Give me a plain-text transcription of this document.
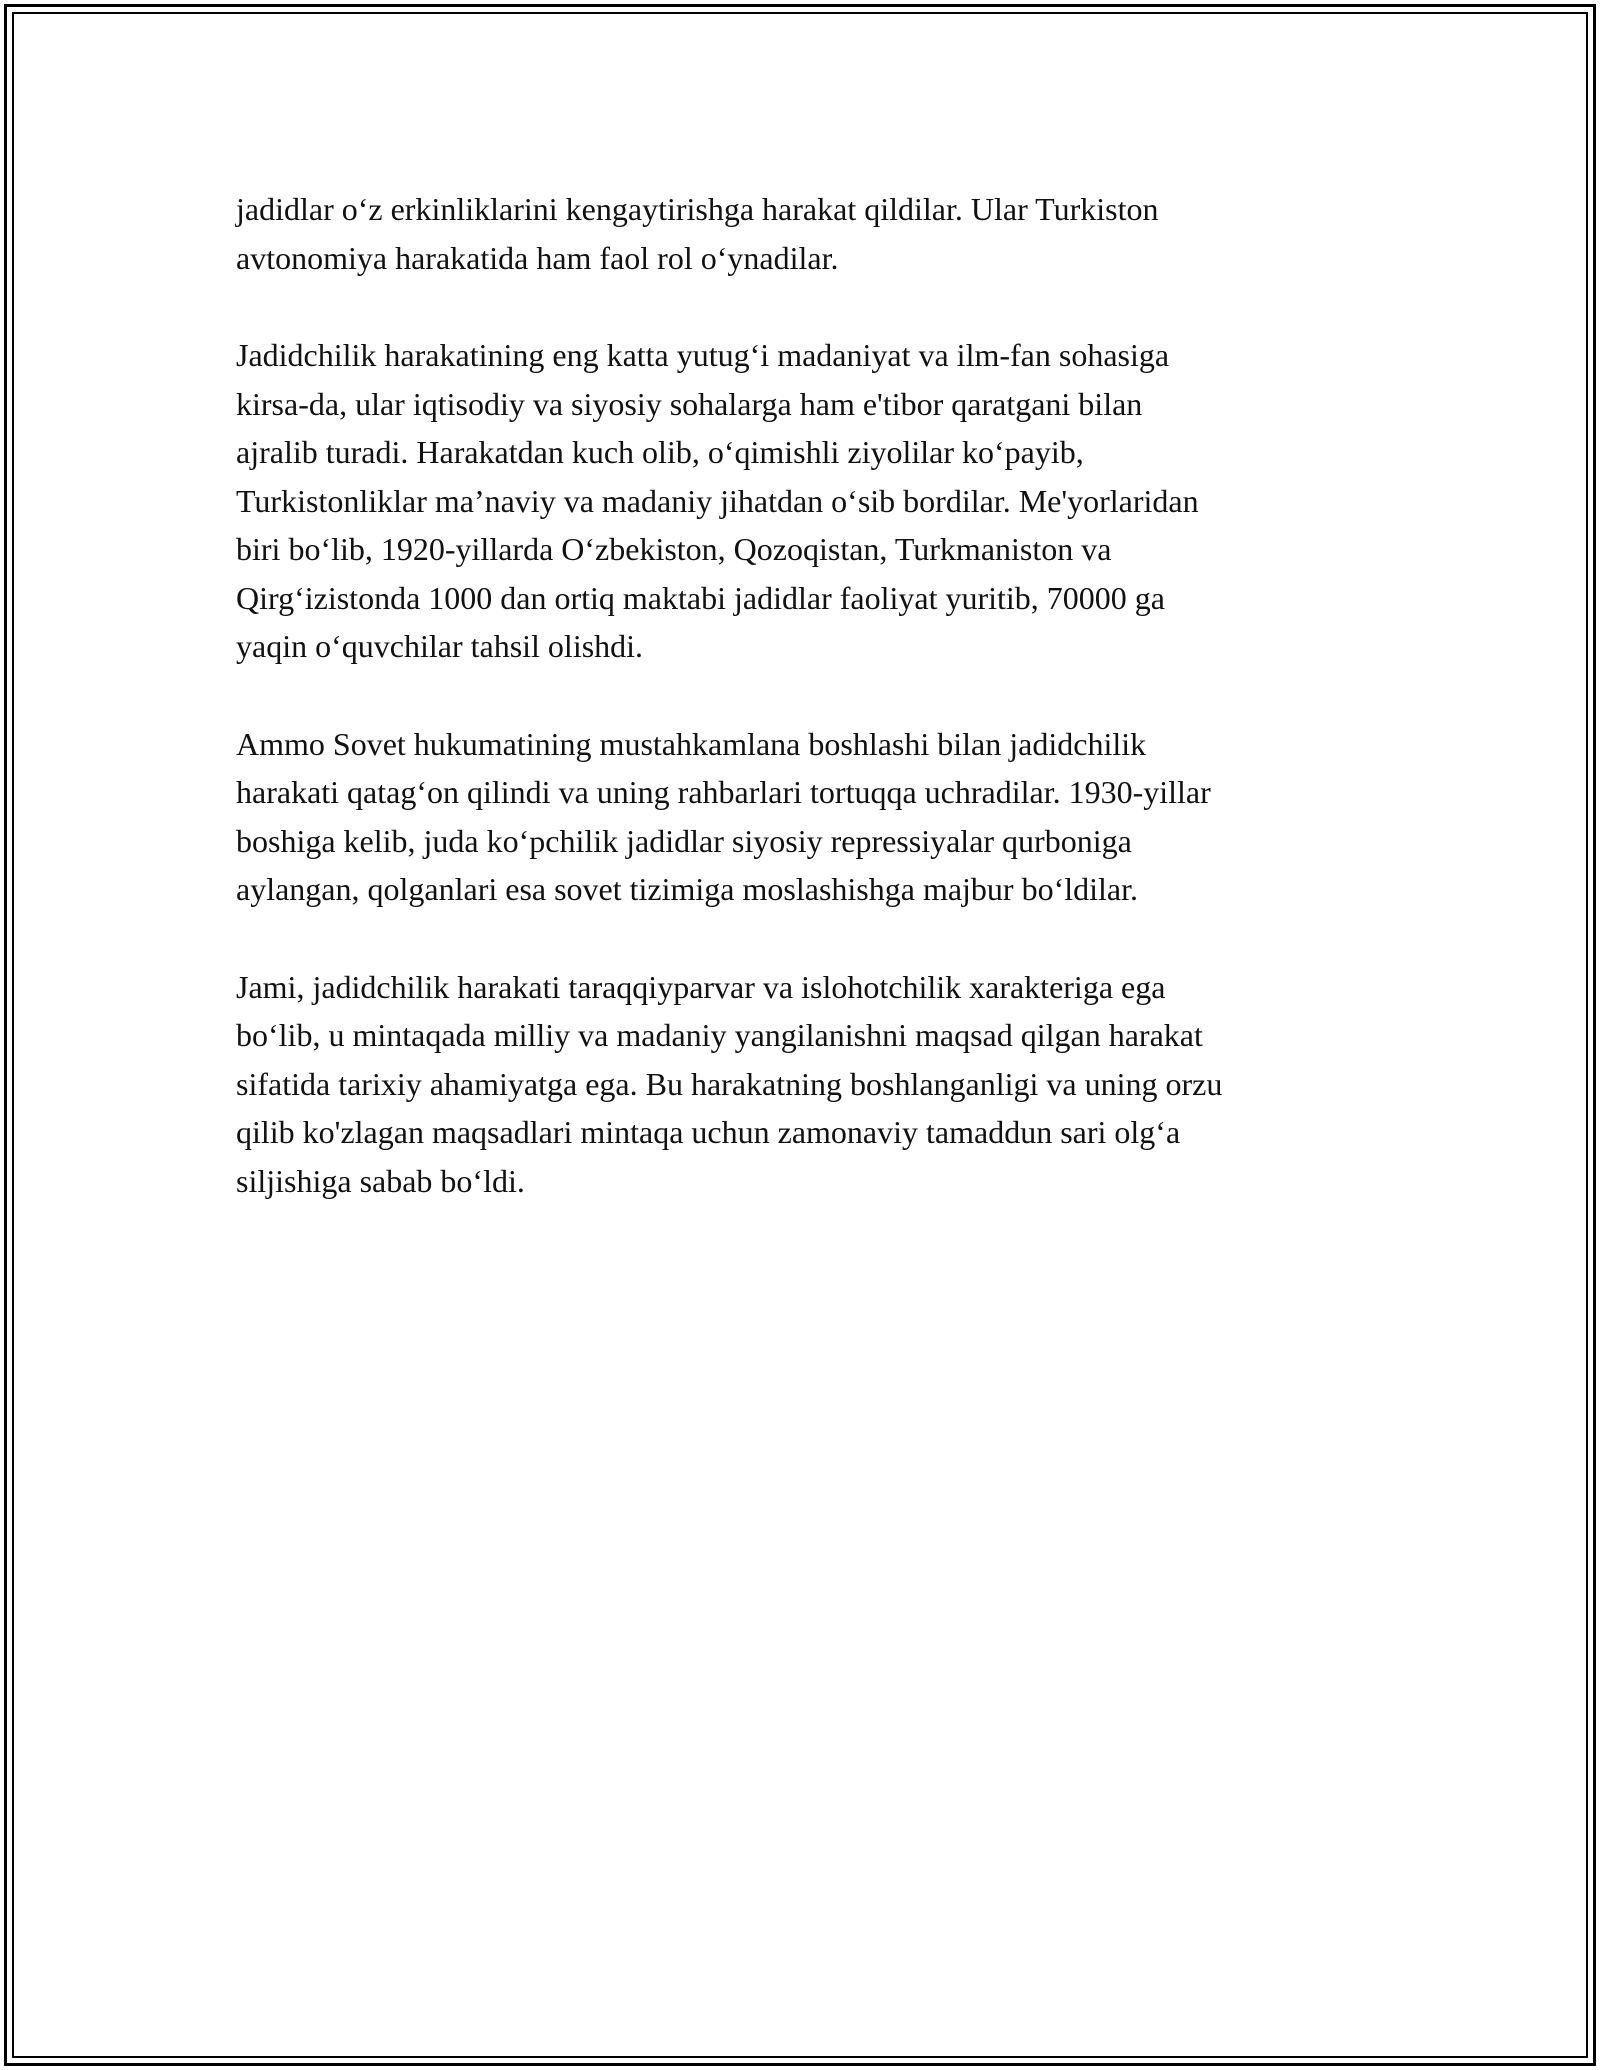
jadidlar o‘z erkinliklarini kengaytirishga harakat qildilar. Ular Turkiston
avtonomiya harakatida ham faol rol o‘ynadilar.

Jadidchilik harakatining eng katta yutug‘i madaniyat va ilm-fan sohasiga
kirsa-da, ular iqtisodiy va siyosiy sohalarga ham e'tibor qaratgani bilan
ajralib turadi. Harakatdan kuch olib, o‘qimishli ziyolilar ko‘payib,
Turkistonliklar ma’naviy va madaniy jihatdan o‘sib bordilar. Me'yorlaridan
biri bo‘lib, 1920-yillarda O‘zbekiston, Qozoqistan, Turkmaniston va
Qirg‘izistonda 1000 dan ortiq maktabi jadidlar faoliyat yuritib, 70000 ga
yaqin o‘quvchilar tahsil olishdi.

Ammo Sovet hukumatining mustahkamlana boshlashi bilan jadidchilik
harakati qatag‘on qilindi va uning rahbarlari tortuqqa uchradilar. 1930-yillar
boshiga kelib, juda ko‘pchilik jadidlar siyosiy repressiyalar qurboniga
aylangan, qolganlari esa sovet tizimiga moslashishga majbur bo‘ldilar.

Jami, jadidchilik harakati taraqqiyparvar va islohotchilik xarakteriga ega
bo‘lib, u mintaqada milliy va madaniy yangilanishni maqsad qilgan harakat
sifatida tarixiy ahamiyatga ega. Bu harakatning boshlanganligi va uning orzu
qilib ko'zlagan maqsadlari mintaqa uchun zamonaviy tamaddun sari olg‘a
siljishiga sabab bo‘ldi.
